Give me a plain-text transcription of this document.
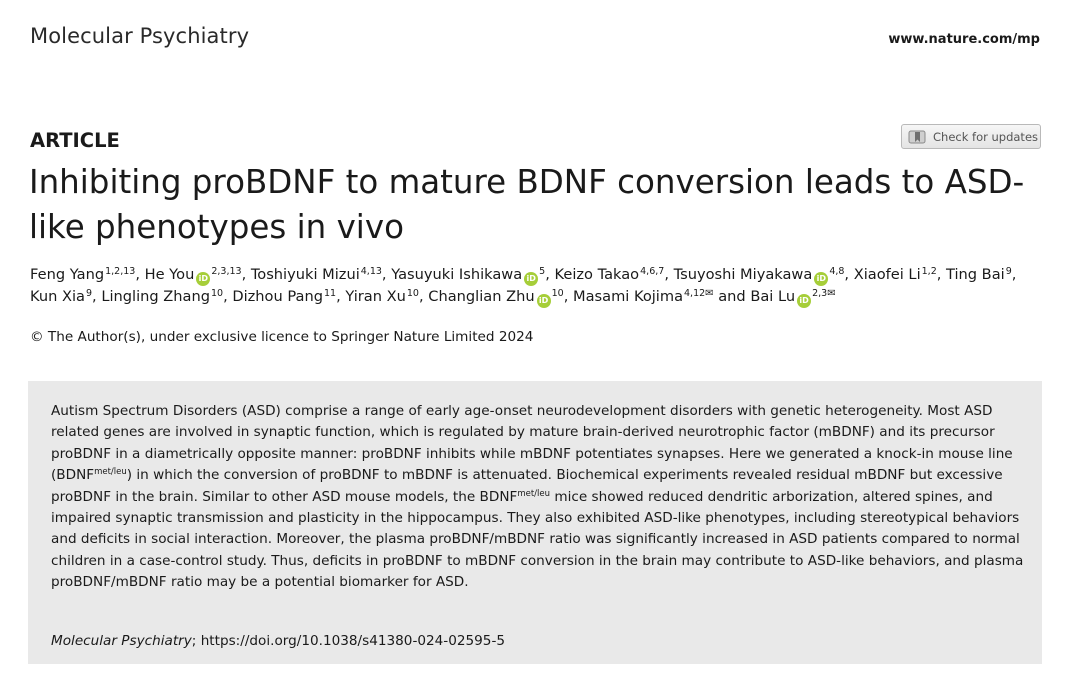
Molecular Psychiatry	www.nature.com/mp
ARTICLE	Check for updates
Inhibiting proBDNF to mature BDNF conversion leads to ASD-like phenotypes in vivo
Feng Yang$^{1,2,13}$, He You iD$^{2,3,13}$, Toshiyuki Mizui$^{4,13}$, Yasuyuki Ishikawa $iD^5$, Keizo Takao$^{4,6,7}$, Tsuyoshi Miyakawa iD$^{4,8}$, Xiaofei Li$^{1,2}$, Ting Bai$^9$, Kun Xia$^9$, Lingling Zhang$^{10}$, Dizhou Pang$^{11}$, Yiran Xu$^{10}$, Changlian Zhu $iD^{10}$, Masami Kojima$^{4,12✉}$ and Bai Lu $iD^{2,3✉}$
© The Author(s), under exclusive licence to Springer Nature Limited 2024

Autism Spectrum Disorders (ASD) comprise a range of early age-onset neurodevelopment disorders with genetic heterogeneity. Most ASD related genes are involved in synaptic function, which is regulated by mature brain-derived neurotrophic factor (mBDNF) and its precursor proBDNF in a diametrically opposite manner: proBDNF inhibits while mBDNF potentiates synapses. Here we generated a knock-in mouse line $(BDNF^{met/leu})$ in which the conversion of proBDNF to mBDNF is attenuated. Biochemical experiments revealed residual mBDNF but excessive proBDNF in the brain. Similar to other ASD mouse models, the $BDNF^{met/leu}$ mice showed reduced dendritic arborization, altered spines, and impaired synaptic transmission and plasticity in the hippocampus. They also exhibited ASD-like phenotypes, including stereotypical behaviors and deficits in social interaction. Moreover, the plasma proBDNF/mBDNF ratio was significantly increased in ASD patients compared to normal children in a case-control study. Thus, deficits in proBDNF to mBDNF conversion in the brain may contribute to ASD-like behaviors, and plasma proBDNF/mBDNF ratio may be a potential biomarker for ASD.

Molecular Psychiatry; https://doi.org/10.1038/s41380-024-02595-5
